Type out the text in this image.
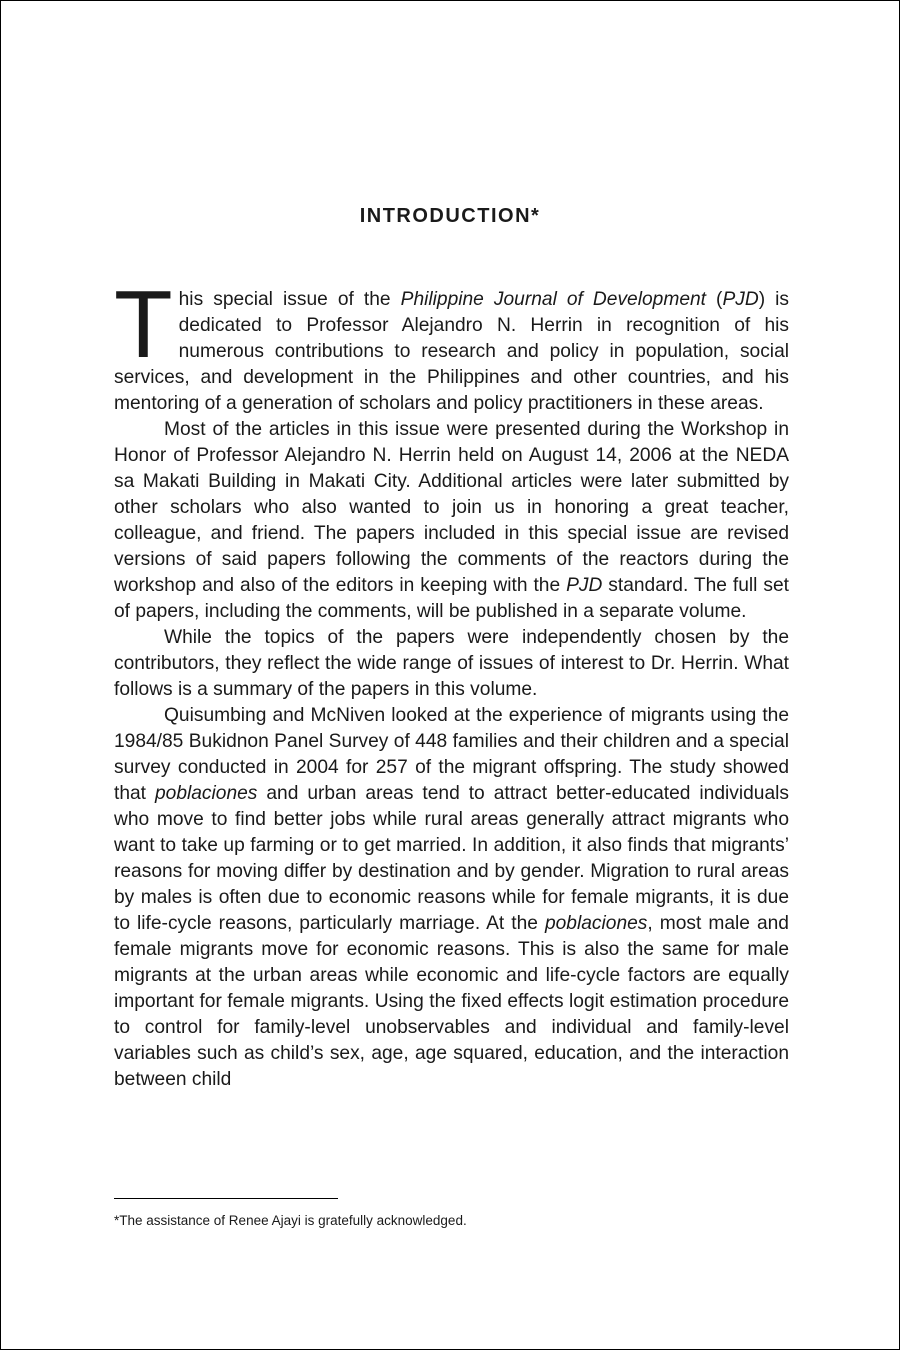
INTRODUCTION*

This special issue of the Philippine Journal of Development (PJD) is dedicated to Professor Alejandro N. Herrin in recognition of his numerous contributions to research and policy in population, social services, and development in the Philippines and other countries, and his mentoring of a generation of scholars and policy practitioners in these areas.

Most of the articles in this issue were presented during the Workshop in Honor of Professor Alejandro N. Herrin held on August 14, 2006 at the NEDA sa Makati Building in Makati City. Additional articles were later submitted by other scholars who also wanted to join us in honoring a great teacher, colleague, and friend. The papers included in this special issue are revised versions of said papers following the comments of the reactors during the workshop and also of the editors in keeping with the PJD standard. The full set of papers, including the comments, will be published in a separate volume.

While the topics of the papers were independently chosen by the contributors, they reflect the wide range of issues of interest to Dr. Herrin. What follows is a summary of the papers in this volume.

Quisumbing and McNiven looked at the experience of migrants using the 1984/85 Bukidnon Panel Survey of 448 families and their children and a special survey conducted in 2004 for 257 of the migrant offspring. The study showed that poblaciones and urban areas tend to attract better-educated individuals who move to find better jobs while rural areas generally attract migrants who want to take up farming or to get married. In addition, it also finds that migrants’ reasons for moving differ by destination and by gender. Migration to rural areas by males is often due to economic reasons while for female migrants, it is due to life-cycle reasons, particularly marriage. At the poblaciones, most male and female migrants move for economic reasons. This is also the same for male migrants at the urban areas while economic and life-cycle factors are equally important for female migrants. Using the fixed effects logit estimation procedure to control for family-level unobservables and individual and family-level variables such as child’s sex, age, age squared, education, and the interaction between child

*The assistance of Renee Ajayi is gratefully acknowledged.
